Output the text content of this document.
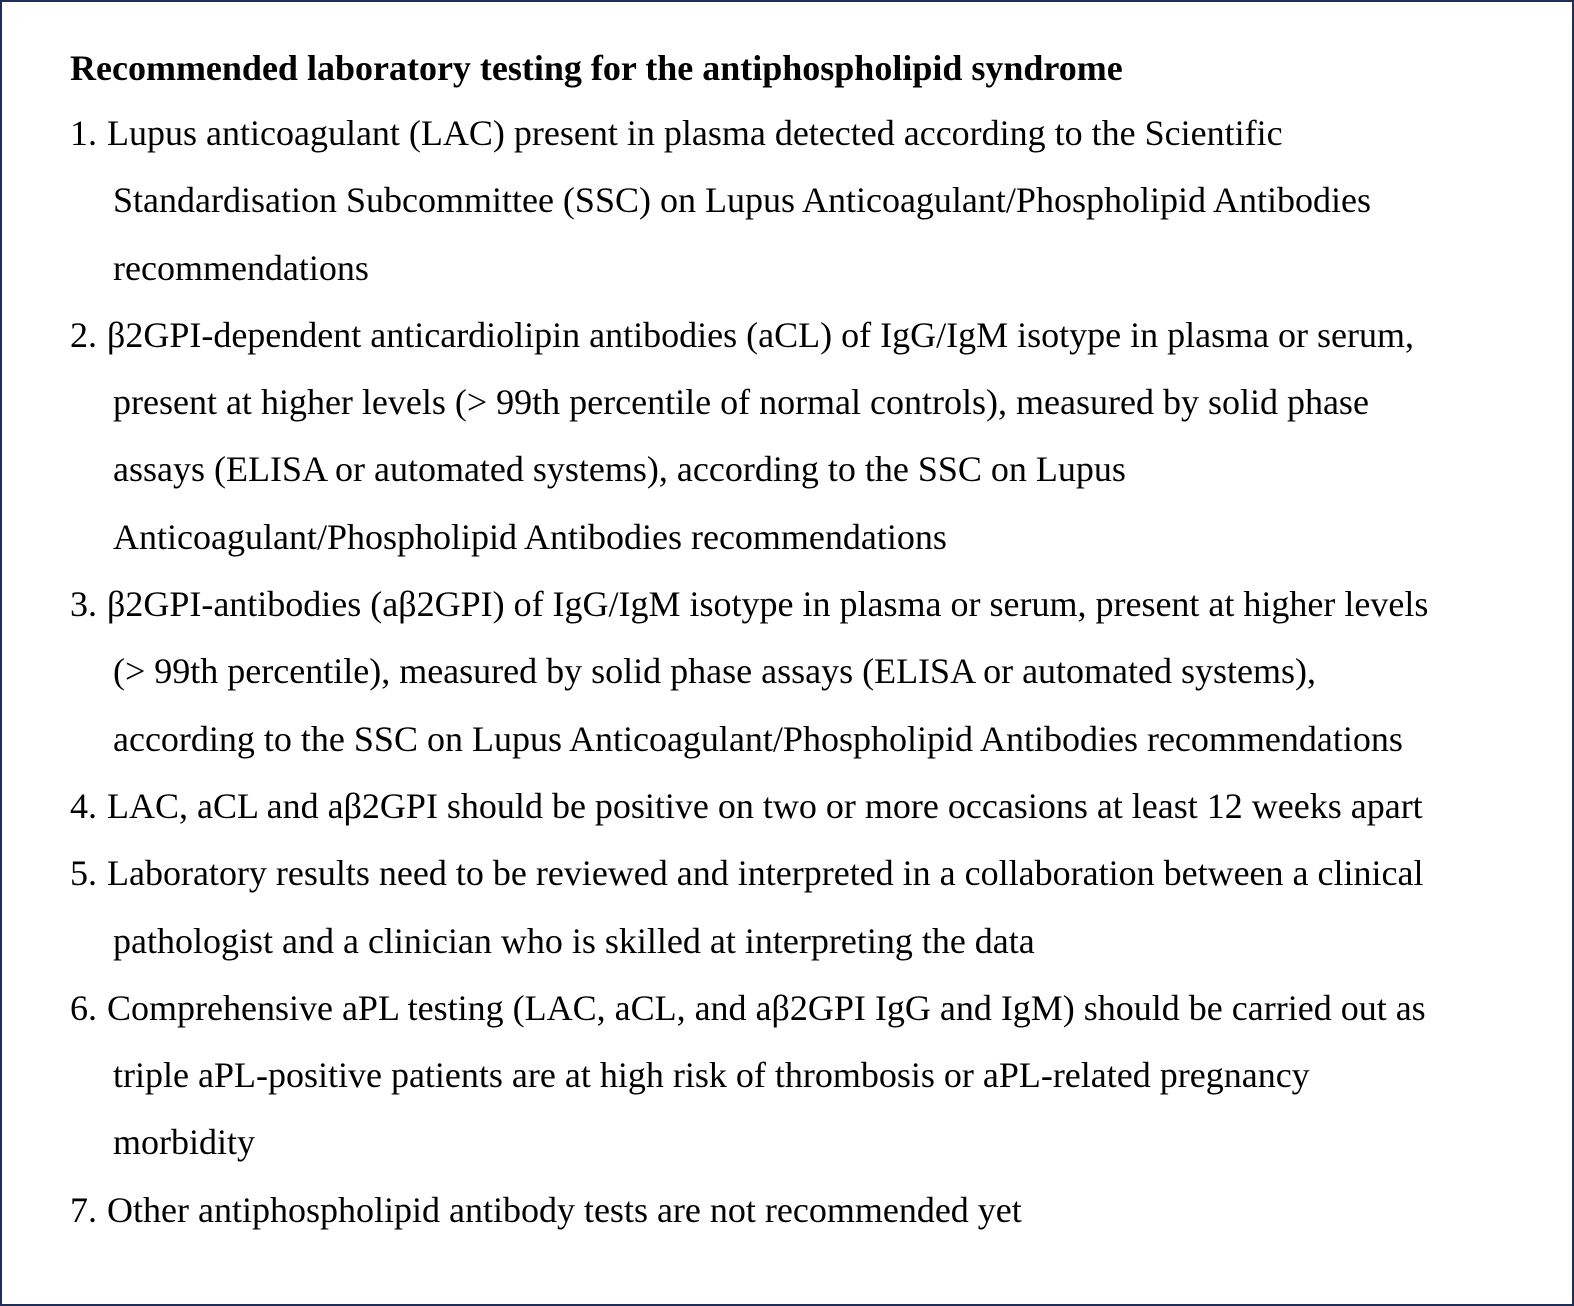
Recommended laboratory testing for the antiphospholipid syndrome
1. Lupus anticoagulant (LAC) present in plasma detected according to the Scientific
Standardisation Subcommittee (SSC) on Lupus Anticoagulant/Phospholipid Antibodies
recommendations
2. β2GPI-dependent anticardiolipin antibodies (aCL) of IgG/IgM isotype in plasma or serum,
present at higher levels (> 99th percentile of normal controls), measured by solid phase
assays (ELISA or automated systems), according to the SSC on Lupus
Anticoagulant/Phospholipid Antibodies recommendations
3. β2GPI-antibodies (aβ2GPI) of IgG/IgM isotype in plasma or serum, present at higher levels
(> 99th percentile), measured by solid phase assays (ELISA or automated systems),
according to the SSC on Lupus Anticoagulant/Phospholipid Antibodies recommendations
4. LAC, aCL and aβ2GPI should be positive on two or more occasions at least 12 weeks apart
5. Laboratory results need to be reviewed and interpreted in a collaboration between a clinical
pathologist and a clinician who is skilled at interpreting the data
6. Comprehensive aPL testing (LAC, aCL, and aβ2GPI IgG and IgM) should be carried out as
triple aPL-positive patients are at high risk of thrombosis or aPL-related pregnancy
morbidity
7. Other antiphospholipid antibody tests are not recommended yet
